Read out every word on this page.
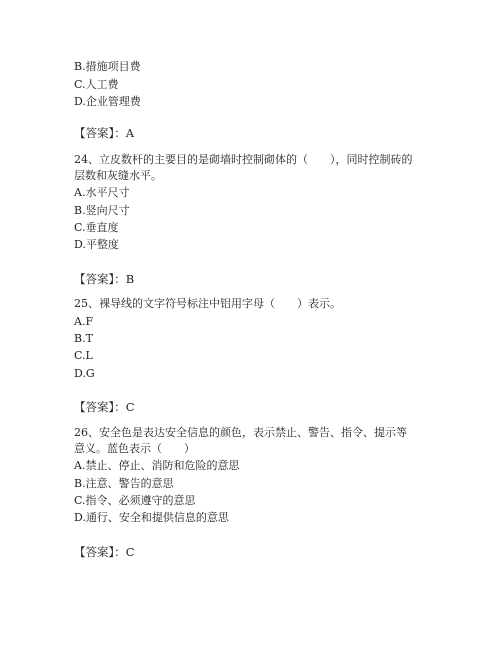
B.措施项目费
C.人工费
D.企业管理费
【答案】：A
24、立皮数杆的主要目的是砌墙时控制砌体的（　　），同时控制砖的
层数和灰缝水平。
A.水平尺寸
B.竖向尺寸
C.垂直度
D.平整度
【答案】：B
25、裸导线的文字符号标注中铝用字母（　　）表示。
A.F
B.T
C.L
D.G
【答案】：C
26、安全色是表达安全信息的颜色，表示禁止、警告、指令、提示等
意义。蓝色表示（　　）
A.禁止、停止、消防和危险的意思
B.注意、警告的意思
C.指令、必须遵守的意思
D.通行、安全和提供信息的意思
【答案】：C
